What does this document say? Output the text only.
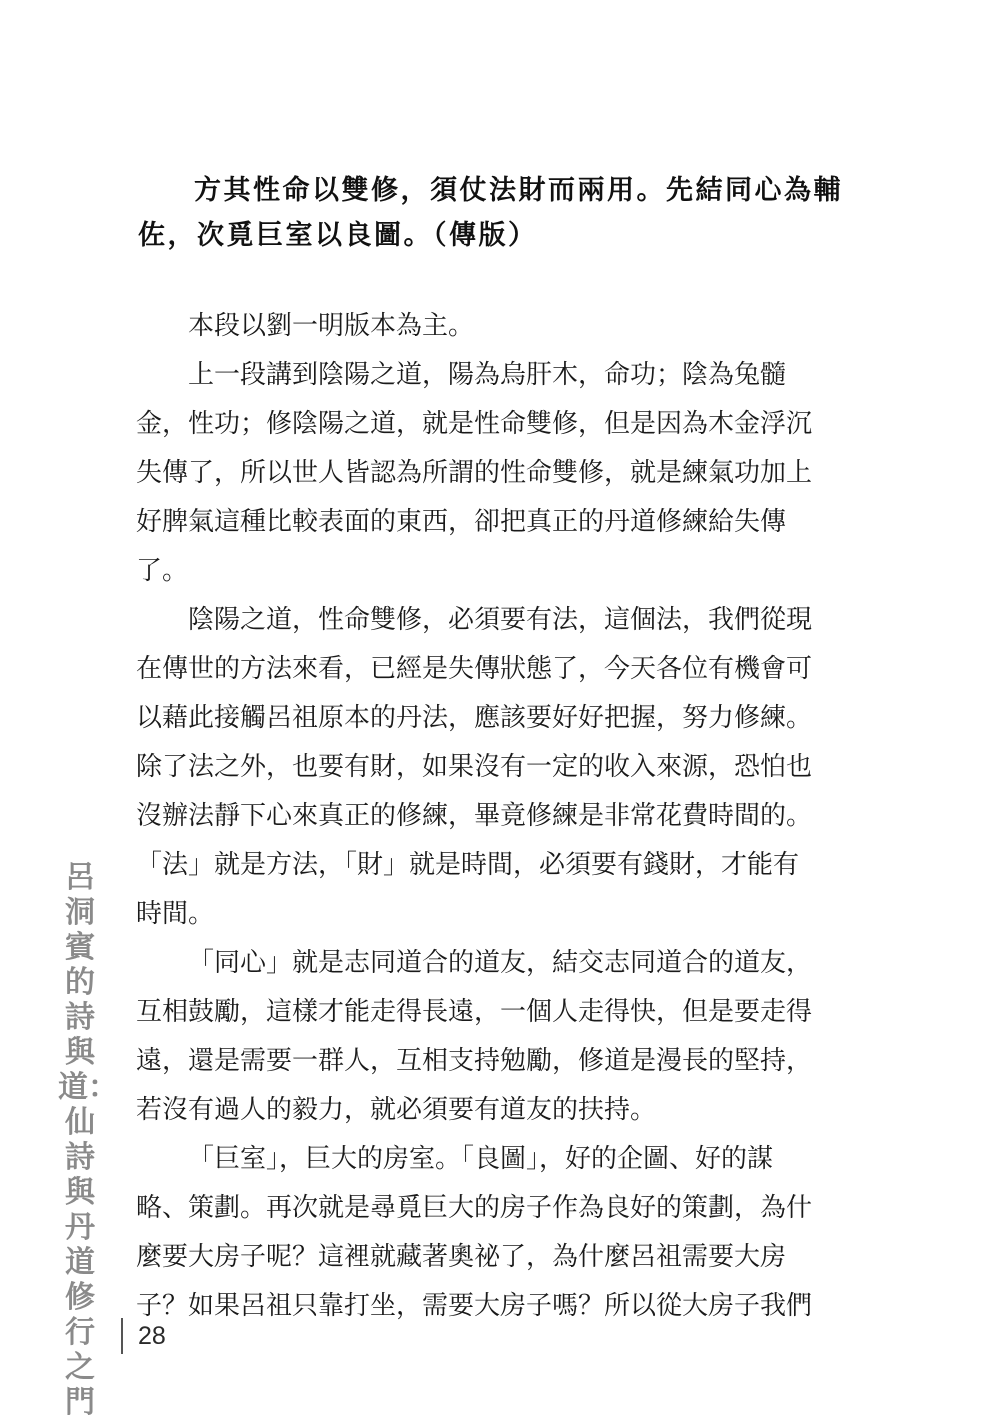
方其性命以雙修，須仗法財而兩用。先結同心為輔
佐，次覓巨室以良圖。（傳版）
本段以劉一明版本為主。
上一段講到陰陽之道，陽為烏肝木，命功；陰為兔髓
金，性功；修陰陽之道，就是性命雙修，但是因為木金浮沉
失傳了，所以世人皆認為所謂的性命雙修，就是練氣功加上
好脾氣這種比較表面的東西，卻把真正的丹道修練給失傳
了。
陰陽之道，性命雙修，必須要有法，這個法，我們從現
在傳世的方法來看，已經是失傳狀態了，今天各位有機會可
以藉此接觸呂祖原本的丹法，應該要好好把握，努力修練。
除了法之外，也要有財，如果沒有一定的收入來源，恐怕也
沒辦法靜下心來真正的修練，畢竟修練是非常花費時間的。
「法」就是方法，「財」就是時間，必須要有錢財，才能有
時間。
「同心」就是志同道合的道友，結交志同道合的道友，
互相鼓勵，這樣才能走得長遠，一個人走得快，但是要走得
遠，還是需要一群人，互相支持勉勵，修道是漫長的堅持，
若沒有過人的毅力，就必須要有道友的扶持。
「巨室」，巨大的房室。「良圖」，好的企圖、好的謀
略、策劃。再次就是尋覓巨大的房子作為良好的策劃，為什
麼要大房子呢？這裡就藏著奧祕了，為什麼呂祖需要大房
子？如果呂祖只靠打坐，需要大房子嗎？所以從大房子我們
呂洞賓的詩與道：仙詩與丹道修行之門
28
